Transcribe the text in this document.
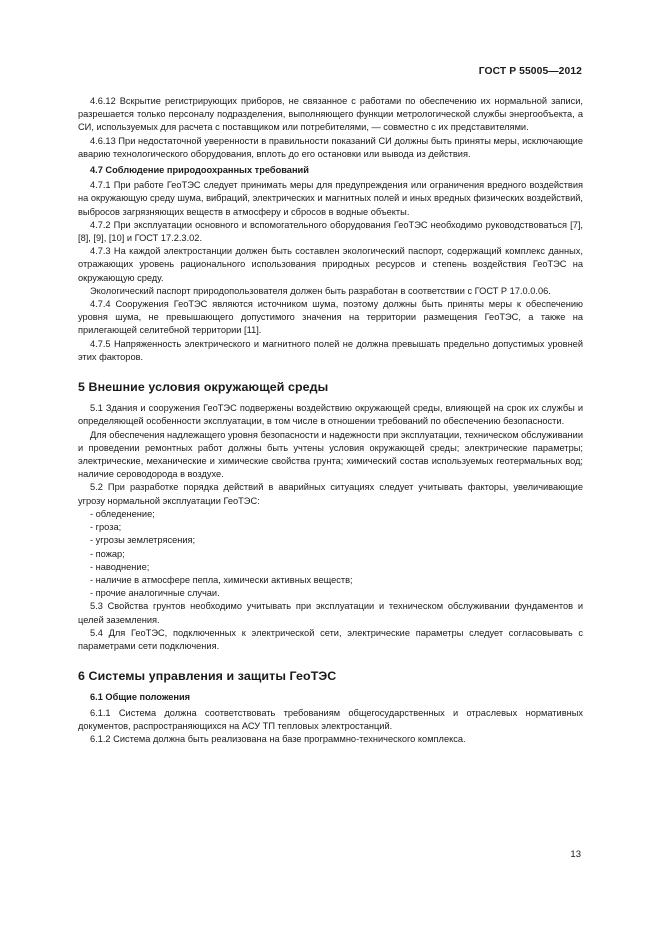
ГОСТ Р 55005—2012

4.6.12 Вскрытие регистрирующих приборов, не связанное с работами по обеспечению их нормальной записи, разрешается только персоналу подразделения, выполняющего функции метрологической службы энергообъекта, а СИ, используемых для расчета с поставщиком или потребителями, — совместно с их представителями.

4.6.13 При недостаточной уверенности в правильности показаний СИ должны быть приняты меры, исключающие аварию технологического оборудования, вплоть до его остановки или вывода из действия.

4.7 Соблюдение природоохранных требований

4.7.1 При работе ГеоТЭС следует принимать меры для предупреждения или ограничения вредного воздействия на окружающую среду шума, вибраций, электрических и магнитных полей и иных вредных физических воздействий, выбросов загрязняющих веществ в атмосферу и сбросов в водные объекты.

4.7.2 При эксплуатации основного и вспомогательного оборудования ГеоТЭС необходимо руководствоваться [7], [8], [9], [10] и ГОСТ 17.2.3.02.

4.7.3 На каждой электростанции должен быть составлен экологический паспорт, содержащий комплекс данных, отражающих уровень рационального использования природных ресурсов и степень воздействия ГеоТЭС на окружающую среду.

Экологический паспорт природопользователя должен быть разработан в соответствии с ГОСТ Р 17.0.0.06.

4.7.4 Сооружения ГеоТЭС являются источником шума, поэтому должны быть приняты меры к обеспечению уровня шума, не превышающего допустимого значения на территории размещения ГеоТЭС, а также на прилегающей селитебной территории [11].

4.7.5 Напряженность электрического и магнитного полей не должна превышать предельно допустимых уровней этих факторов.

5 Внешние условия окружающей среды

5.1 Здания и сооружения ГеоТЭС подвержены воздействию окружающей среды, влияющей на срок их службы и определяющей особенности эксплуатации, в том числе в отношении требований по обеспечению безопасности.

Для обеспечения надлежащего уровня безопасности и надежности при эксплуатации, техническом обслуживании и проведении ремонтных работ должны быть учтены условия окружающей среды; электрические параметры; электрические, механические и химические свойства грунта; химический состав используемых геотермальных вод; наличие сероводорода в воздухе.

5.2 При разработке порядка действий в аварийных ситуациях следует учитывать факторы, увеличивающие угрозу нормальной эксплуатации ГеоТЭС:

- обледенение;

- гроза;

- угрозы землетрясения;

- пожар;

- наводнение;

- наличие в атмосфере пепла, химически активных веществ;

- прочие аналогичные случаи.

5.3 Свойства грунтов необходимо учитывать при эксплуатации и техническом обслуживании фундаментов и целей заземления.

5.4 Для ГеоТЭС, подключенных к электрической сети, электрические параметры следует согласовывать с параметрами сети подключения.

6 Системы управления и защиты ГеоТЭС
6.1 Общие положения

6.1.1 Система должна соответствовать требованиям общегосударственных и отраслевых нормативных документов, распространяющихся на АСУ ТП тепловых электростанций.

6.1.2 Система должна быть реализована на базе программно-технического комплекса.

13
